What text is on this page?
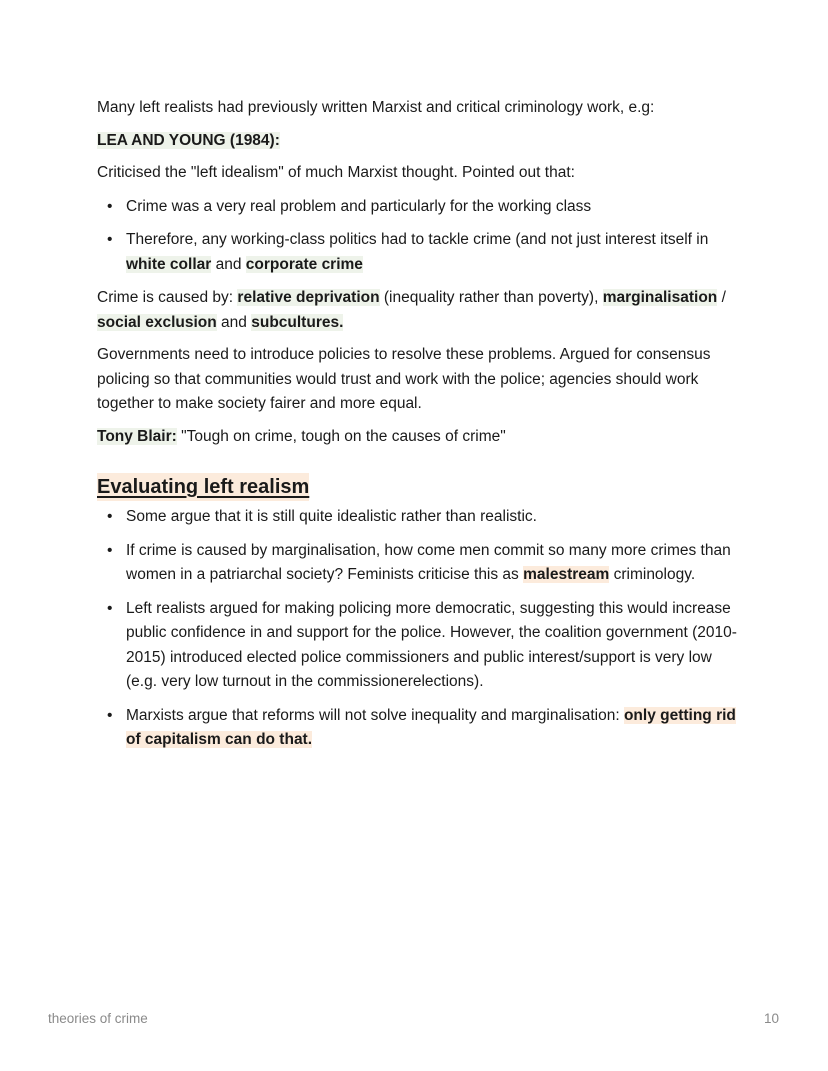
Many left realists had previously written Marxist and critical criminology work, e.g:

LEA AND YOUNG (1984):

Criticised the "left idealism" of much Marxist thought. Pointed out that:

• Crime was a very real problem and particularly for the working class
• Therefore, any working-class politics had to tackle crime (and not just interest itself in white collar and corporate crime

Crime is caused by: relative deprivation (inequality rather than poverty), marginalisation / social exclusion and subcultures.

Governments need to introduce policies to resolve these problems. Argued for consensus policing so that communities would trust and work with the police; agencies should work together to make society fairer and more equal.

Tony Blair: "Tough on crime, tough on the causes of crime"

Evaluating left realism
• Some argue that it is still quite idealistic rather than realistic.
• If crime is caused by marginalisation, how come men commit so many more crimes than women in a patriarchal society? Feminists criticise this as malestream criminology.
• Left realists argued for making policing more democratic, suggesting this would increase public confidence in and support for the police. However, the coalition government (2010-2015) introduced elected police commissioners and public interest/support is very low (e.g. very low turnout in the commissionerelections).
• Marxists argue that reforms will not solve inequality and marginalisation: only getting rid of capitalism can do that.
theories of crime	10
